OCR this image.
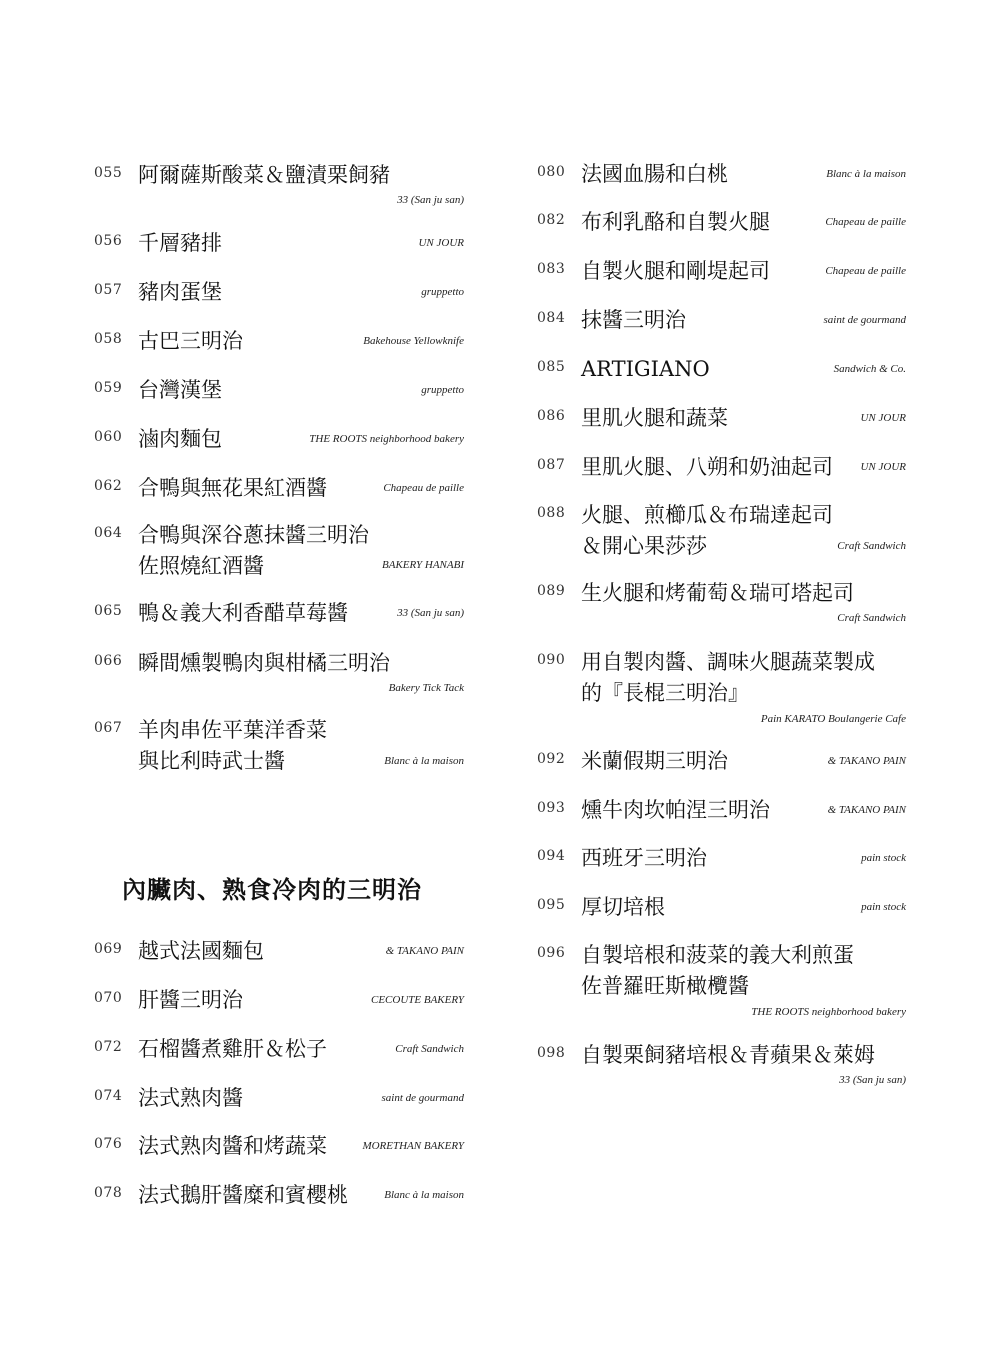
055 阿爾薩斯酸菜＆鹽漬栗飼豬
33 (San ju san)
056 千層豬排	UN JOUR
057 豬肉蛋堡	gruppetto
058 古巴三明治	Bakehouse Yellowknife
059 台灣漢堡	gruppetto
060 滷肉麵包	THE ROOTS neighborhood bakery
062 合鴨與無花果紅酒醬	Chapeau de paille
064 合鴨與深谷蔥抹醬三明治
佐照燒紅酒醬	BAKERY HANABI
065 鴨＆義大利香醋草莓醬	33 (San ju san)
066 瞬間燻製鴨肉與柑橘三明治
Bakery Tick Tack
067 羊肉串佐平葉洋香菜
與比利時武士醬	Blanc à la maison
內臟肉、熟食冷肉的三明治
069 越式法國麵包	& TAKANO PAIN
070 肝醬三明治	CECOUTE BAKERY
072 石榴醬煮雞肝＆松子	Craft Sandwich
074 法式熟肉醬	saint de gourmand
076 法式熟肉醬和烤蔬菜	MORETHAN BAKERY
078 法式鵝肝醬糜和賓櫻桃	Blanc à la maison
080 法國血腸和白桃	Blanc à la maison
082 布利乳酪和自製火腿	Chapeau de paille
083 自製火腿和剛堤起司	Chapeau de paille
084 抹醬三明治	saint de gourmand
085 ARTIGIANO	Sandwich & Co.
086 里肌火腿和蔬菜	UN JOUR
087 里肌火腿、八朔和奶油起司 UN JOUR
088 火腿、煎櫛瓜＆布瑞達起司
＆開心果莎莎	Craft Sandwich
089 生火腿和烤葡萄＆瑞可塔起司
Craft Sandwich
090 用自製肉醬、調味火腿蔬菜製成
的『長棍三明治』
Pain KARATO Boulangerie Cafe
092 米蘭假期三明治	& TAKANO PAIN
093 燻牛肉坎帕涅三明治	& TAKANO PAIN
094 西班牙三明治	pain stock
095 厚切培根	pain stock
096 自製培根和菠菜的義大利煎蛋
佐普羅旺斯橄欖醬
THE ROOTS neighborhood bakery
098 自製栗飼豬培根＆青蘋果＆萊姆
33 (San ju san)
